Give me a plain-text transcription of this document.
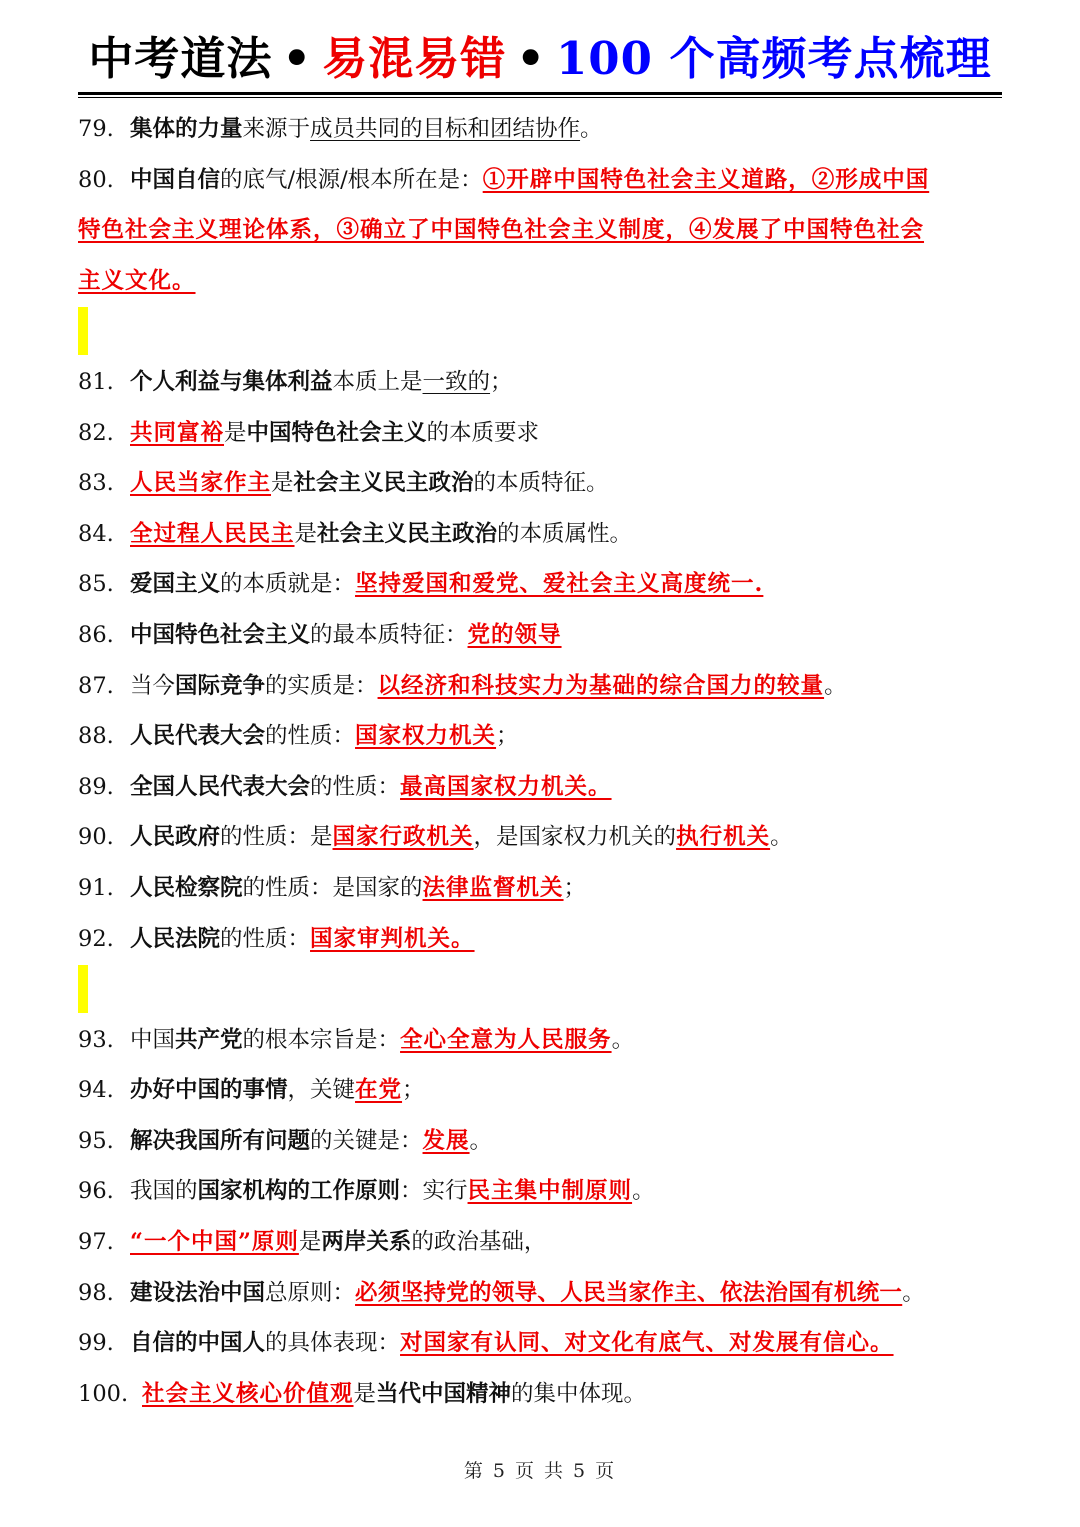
中考道法 • 易混易错 • 100 个高频考点梳理
79. 集体的力量来源于成员共同的目标和团结协作。
80. 中国自信的底气/根源/根本所在是：①开辟中国特色社会主义道路，②形成中国
特色社会主义理论体系，③确立了中国特色社会主义制度，④发展了中国特色社会
主义文化。
81. 个人利益与集体利益本质上是一致的；
82. 共同富裕是中国特色社会主义的本质要求
83. 人民当家作主是社会主义民主政治的本质特征。
84. 全过程人民民主是社会主义民主政治的本质属性。
85. 爱国主义的本质就是：坚持爱国和爱党、爱社会主义高度统一.
86. 中国特色社会主义的最本质特征：党的领导
87. 当今国际竞争的实质是：以经济和科技实力为基础的综合国力的较量。
88. 人民代表大会的性质：国家权力机关；
89. 全国人民代表大会的性质：最高国家权力机关。
90. 人民政府的性质：是国家行政机关，是国家权力机关的执行机关。
91. 人民检察院的性质：是国家的法律监督机关；
92. 人民法院的性质：国家审判机关。
93. 中国共产党的根本宗旨是：全心全意为人民服务。
94. 办好中国的事情，关键在党；
95. 解决我国所有问题的关键是：发展。
96. 我国的国家机构的工作原则：实行民主集中制原则。
97. “一个中国”原则是两岸关系的政治基础，
98. 建设法治中国总原则：必须坚持党的领导、人民当家作主、依法治国有机统一。
99. 自信的中国人的具体表现：对国家有认同、对文化有底气、对发展有信心。
100. 社会主义核心价值观是当代中国精神的集中体现。
第 5 页 共 5 页
